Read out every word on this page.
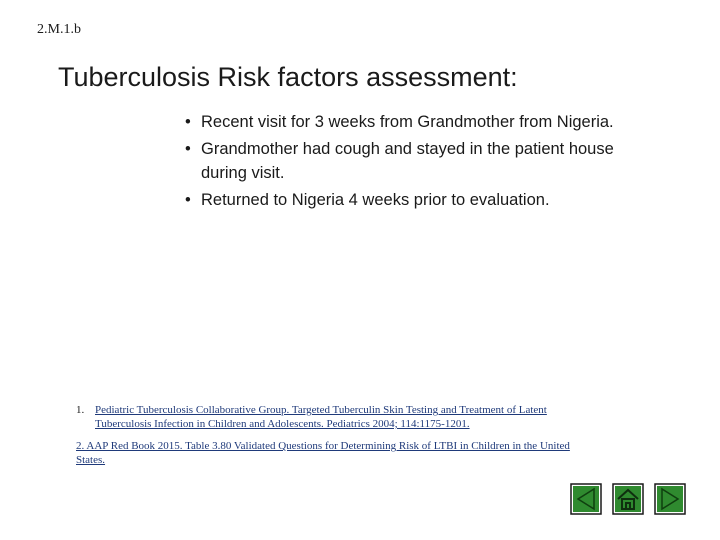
2.M.1.b
Tuberculosis Risk factors assessment:
• Recent visit for 3 weeks from Grandmother from Nigeria.
• Grandmother had cough and stayed in the patient house during visit.
• Returned to Nigeria 4 weeks prior to evaluation.
1. Pediatric Tuberculosis Collaborative Group. Targeted Tuberculin Skin Testing and Treatment of Latent Tuberculosis Infection in Children and Adolescents. Pediatrics 2004; 114:1175-1201.
2. AAP Red Book 2015. Table 3.80 Validated Questions for Determining Risk of LTBI in Children in the United States.
